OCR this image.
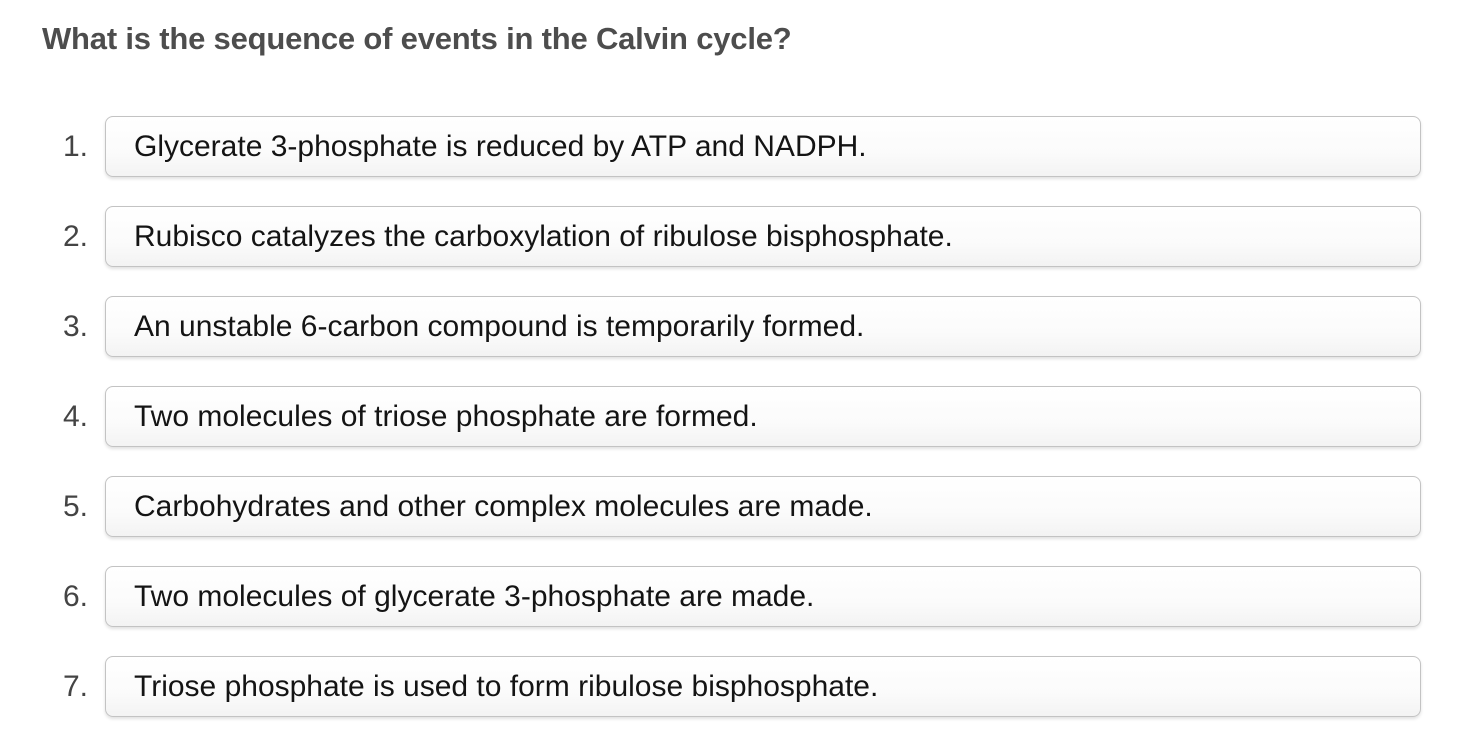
What is the sequence of events in the Calvin cycle?
1.	Glycerate 3-phosphate is reduced by ATP and NADPH.
2.	Rubisco catalyzes the carboxylation of ribulose bisphosphate.
3.	An unstable 6-carbon compound is temporarily formed.
4.	Two molecules of triose phosphate are formed.
5.	Carbohydrates and other complex molecules are made.
6.	Two molecules of glycerate 3-phosphate are made.
7.	Triose phosphate is used to form ribulose bisphosphate.
